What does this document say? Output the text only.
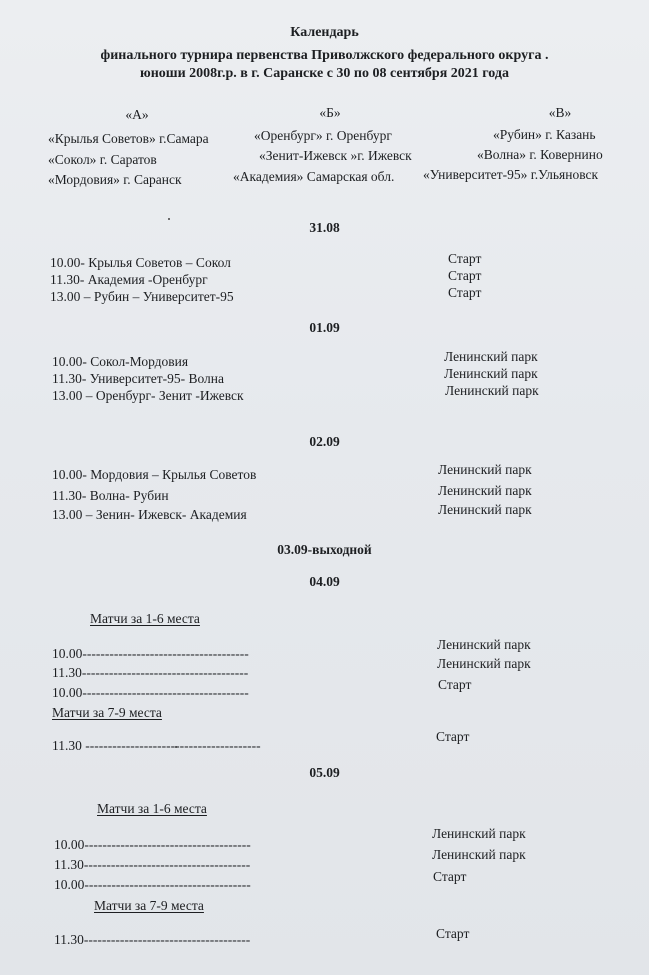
Календарь
финального турнира первенства Приволжского федерального округа .
юноши 2008г.р. в г. Саранске с 30 по 08 сентября 2021 года
«А»
«Крылья Советов» г.Самара
«Сокол» г. Саратов
«Мордовия» г. Саранск
«Б»
«Оренбург» г. Оренбург
«Зенит-Ижевск »г. Ижевск
«Академия» Самарская обл.
«В»
«Рубин» г. Казань
«Волна» г. Ковернино
«Университет-95» г.Ульяновск
31.08
10.00- Крылья Советов – Сокол
11.30- Академия -Оренбург
13.00 – Рубин – Университет-95
Старт
Старт
Старт
01.09
10.00- Сокол-Мордовия
11.30- Университет-95- Волна
13.00 – Оренбург- Зенит -Ижевск
Ленинский парк
Ленинский парк
Ленинский парк
02.09
10.00- Мордовия – Крылья Советов
11.30- Волна- Рубин
13.00 – Зенин- Ижевск- Академия
Ленинский парк
Ленинский парк
Ленинский парк
03.09-выходной
04.09
Матчи за 1-6 места
10.00-------------------------------------
11.30-------------------------------------
10.00-------------------------------------
Ленинский парк
Ленинский парк
Старт
Матчи за 7-9 места
11.30 ---------------------------------------
Старт
05.09
Матчи за 1-6 места
10.00-------------------------------------
11.30-------------------------------------
10.00-------------------------------------
Ленинский парк
Ленинский парк
Старт
Матчи за 7-9 места
11.30-------------------------------------	Старт
